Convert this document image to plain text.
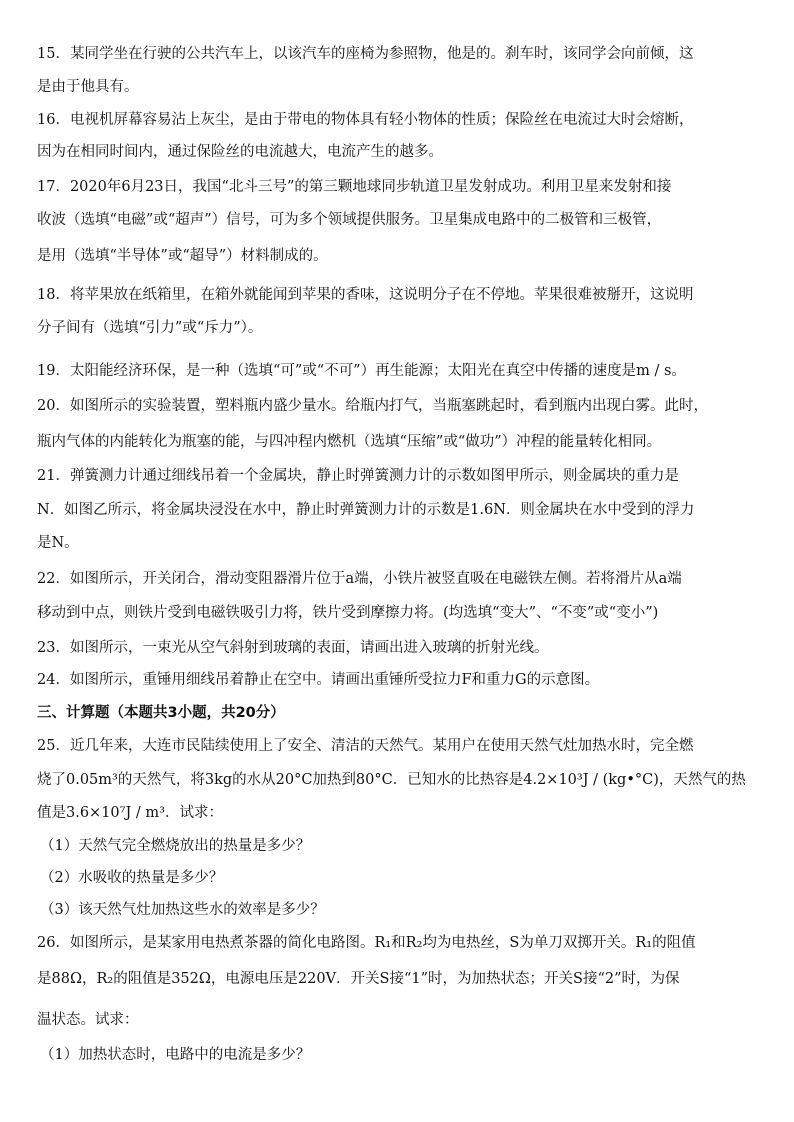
15．某同学坐在行驶的公共汽车上，以该汽车的座椅为参照物，他是的。刹车时，该同学会向前倾，这
是由于他具有。
16．电视机屏幕容易沾上灰尘，是由于带电的物体具有轻小物体的性质；保险丝在电流过大时会熔断，
因为在相同时间内，通过保险丝的电流越大，电流产生的越多。
17．2020年6月23日，我国“北斗三号”的第三颗地球同步轨道卫星发射成功。利用卫星来发射和接
收波（选填“电磁”或“超声”）信号，可为多个领域提供服务。卫星集成电路中的二极管和三极管，
是用（选填“半导体”或“超导”）材料制成的。
18．将苹果放在纸箱里，在箱外就能闻到苹果的香味，这说明分子在不停地。苹果很难被掰开，这说明
分子间有（选填“引力”或“斥力”）。
19．太阳能经济环保，是一种（选填“可”或“不可”）再生能源；太阳光在真空中传播的速度是m / s。
20．如图所示的实验装置，塑料瓶内盛少量水。给瓶内打气，当瓶塞跳起时，看到瓶内出现白雾。此时，
瓶内气体的内能转化为瓶塞的能，与四冲程内燃机（选填“压缩”或“做功”）冲程的能量转化相同。
21．弹簧测力计通过细线吊着一个金属块，静止时弹簧测力计的示数如图甲所示，则金属块的重力是
N．如图乙所示，将金属块浸没在水中，静止时弹簧测力计的示数是1.6N．则金属块在水中受到的浮力
是N。
22．如图所示，开关闭合，滑动变阻器滑片位于a端，小铁片被竖直吸在电磁铁左侧。若将滑片从a端
移动到中点，则铁片受到电磁铁吸引力将，铁片受到摩擦力将。(均选填“变大”、“不变”或“变小”)
23．如图所示，一束光从空气斜射到玻璃的表面，请画出进入玻璃的折射光线。
24．如图所示，重锤用细线吊着静止在空中。请画出重锤所受拉力F和重力G的示意图。
三、计算题（本题共3小题，共20分）
25．近几年来，大连市民陆续使用上了安全、清洁的天然气。某用户在使用天然气灶加热水时，完全燃
烧了0.05m³的天然气，将3kg的水从20°C加热到80°C．已知水的比热容是4.2×10³J / (kg•°C)，天然气的热
值是3.6×10⁷J / m³．试求：
（1）天然气完全燃烧放出的热量是多少？
（2）水吸收的热量是多少？
（3）该天然气灶加热这些水的效率是多少？
26．如图所示，是某家用电热煮茶器的简化电路图。R₁和R₂均为电热丝，S为单刀双掷开关。R₁的阻值
是88Ω，R₂的阻值是352Ω，电源电压是220V．开关S接“1”时，为加热状态；开关S接“2”时，为保
温状态。试求：
（1）加热状态时，电路中的电流是多少？
